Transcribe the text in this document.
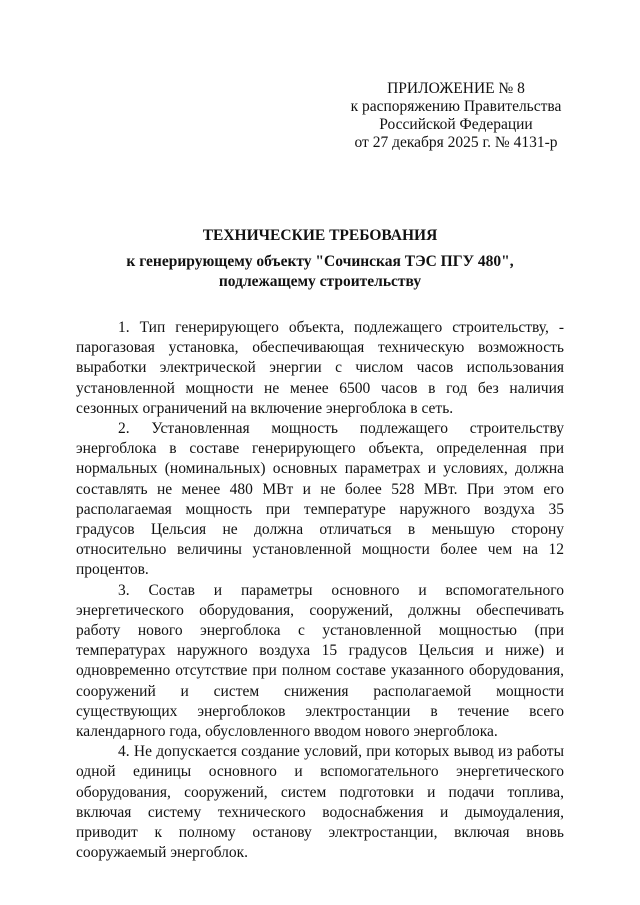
ПРИЛОЖЕНИЕ № 8
к распоряжению Правительства
Российской Федерации
от 27 декабря 2025 г. № 4131-р
ТЕХНИЧЕСКИЕ ТРЕБОВАНИЯ
к генерирующему объекту "Сочинская ТЭС ПГУ 480",
подлежащему строительству

1. Тип генерирующего объекта, подлежащего строительству, - парогазовая установка, обеспечивающая техническую возможность выработки электрической энергии с числом часов использования установленной мощности не менее 6500 часов в год без наличия сезонных ограничений на включение энергоблока в сеть.

2. Установленная мощность подлежащего строительству энергоблока в составе генерирующего объекта, определенная при нормальных (номинальных) основных параметрах и условиях, должна составлять не менее 480 МВт и не более 528 МВт. При этом его располагаемая мощность при температуре наружного воздуха 35 градусов Цельсия не должна отличаться в меньшую сторону относительно величины установленной мощности более чем на 12 процентов.

3. Состав и параметры основного и вспомогательного энергетического оборудования, сооружений, должны обеспечивать работу нового энергоблока с установленной мощностью (при температурах наружного воздуха 15 градусов Цельсия и ниже) и одновременно отсутствие при полном составе указанного оборудования, сооружений и систем снижения располагаемой мощности существующих энергоблоков электростанции в течение всего календарного года, обусловленного вводом нового энергоблока.

4. Не допускается создание условий, при которых вывод из работы одной единицы основного и вспомогательного энергетического оборудования, сооружений, систем подготовки и подачи топлива, включая систему технического водоснабжения и дымоудаления, приводит к полному останову электростанции, включая вновь сооружаемый энергоблок.
